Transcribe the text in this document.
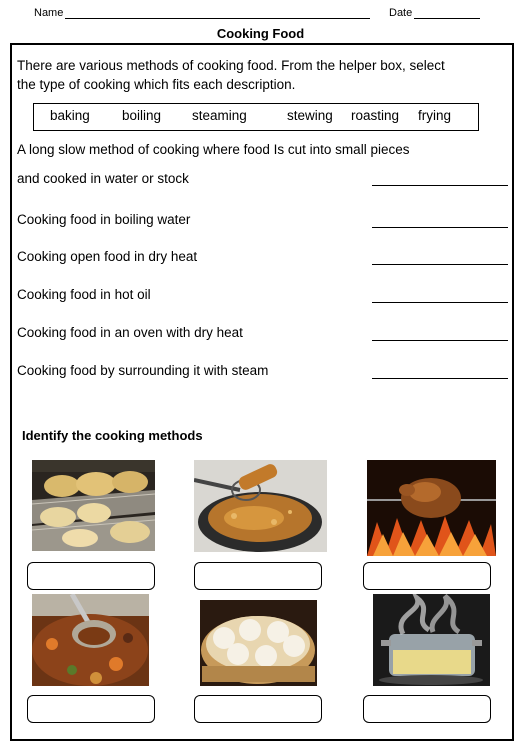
Name	Date
Cooking Food
There are various methods of cooking food. From the helper box, select
the type of cooking which fits each description.
baking boiling steaming	stewing roasting frying
A long slow method of cooking where food Is cut into small pieces
and cooked in water or stock
Cooking food in boiling water
Cooking open food in dry heat
Cooking food in hot oil
Cooking food in an oven with dry heat
Cooking food by surrounding it with steam
Identify the cooking methods
